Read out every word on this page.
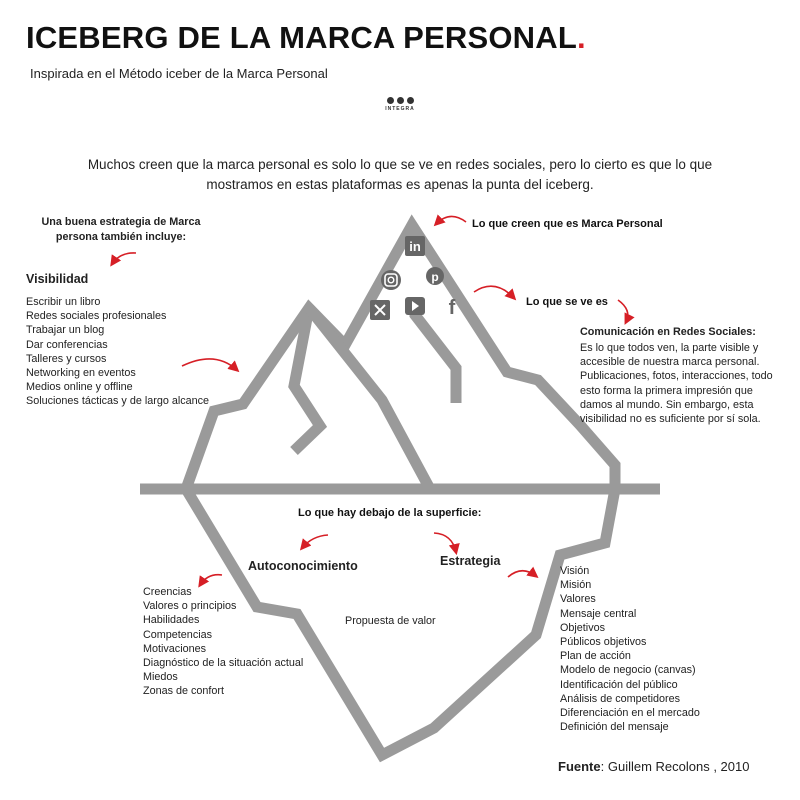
in
p
f
ICEBERG DE LA MARCA PERSONAL.
Inspirada en el Método iceber de la Marca Personal
INTEGRA
Muchos creen que la marca personal es solo lo que se ve en redes sociales, pero lo cierto es que lo que mostramos en estas plataformas es apenas la punta del iceberg.
Una buena estrategia de Marca persona también incluye:
Visibilidad
Escribir un libro
Redes sociales profesionales
Trabajar un blog
Dar conferencias
Talleres y cursos
Networking en eventos
Medios online y offline
Soluciones tácticas y de largo alcance
Lo que creen que es Marca Personal
Lo que se ve es
Comunicación en Redes Sociales:
Es lo que todos ven, la parte visible y accesible de nuestra marca personal. Publicaciones, fotos, interacciones, todo esto forma la primera impresión que damos al mundo. Sin embargo, esta visibilidad no es suficiente por sí sola.
Lo que hay debajo de la superficie:
Autoconocimiento	Estrategia
Propuesta de valor
Creencias
Valores o principios
Habilidades
Competencias
Motivaciones
Diagnóstico de la situación actual
Miedos
Zonas de confort
Visión
Misión
Valores
Mensaje central
Objetivos
Públicos objetivos
Plan de acción
Modelo de negocio (canvas)
Identificación del público
Análisis de competidores
Diferenciación en el mercado
Definición del mensaje
Fuente: Guillem Recolons , 2010
